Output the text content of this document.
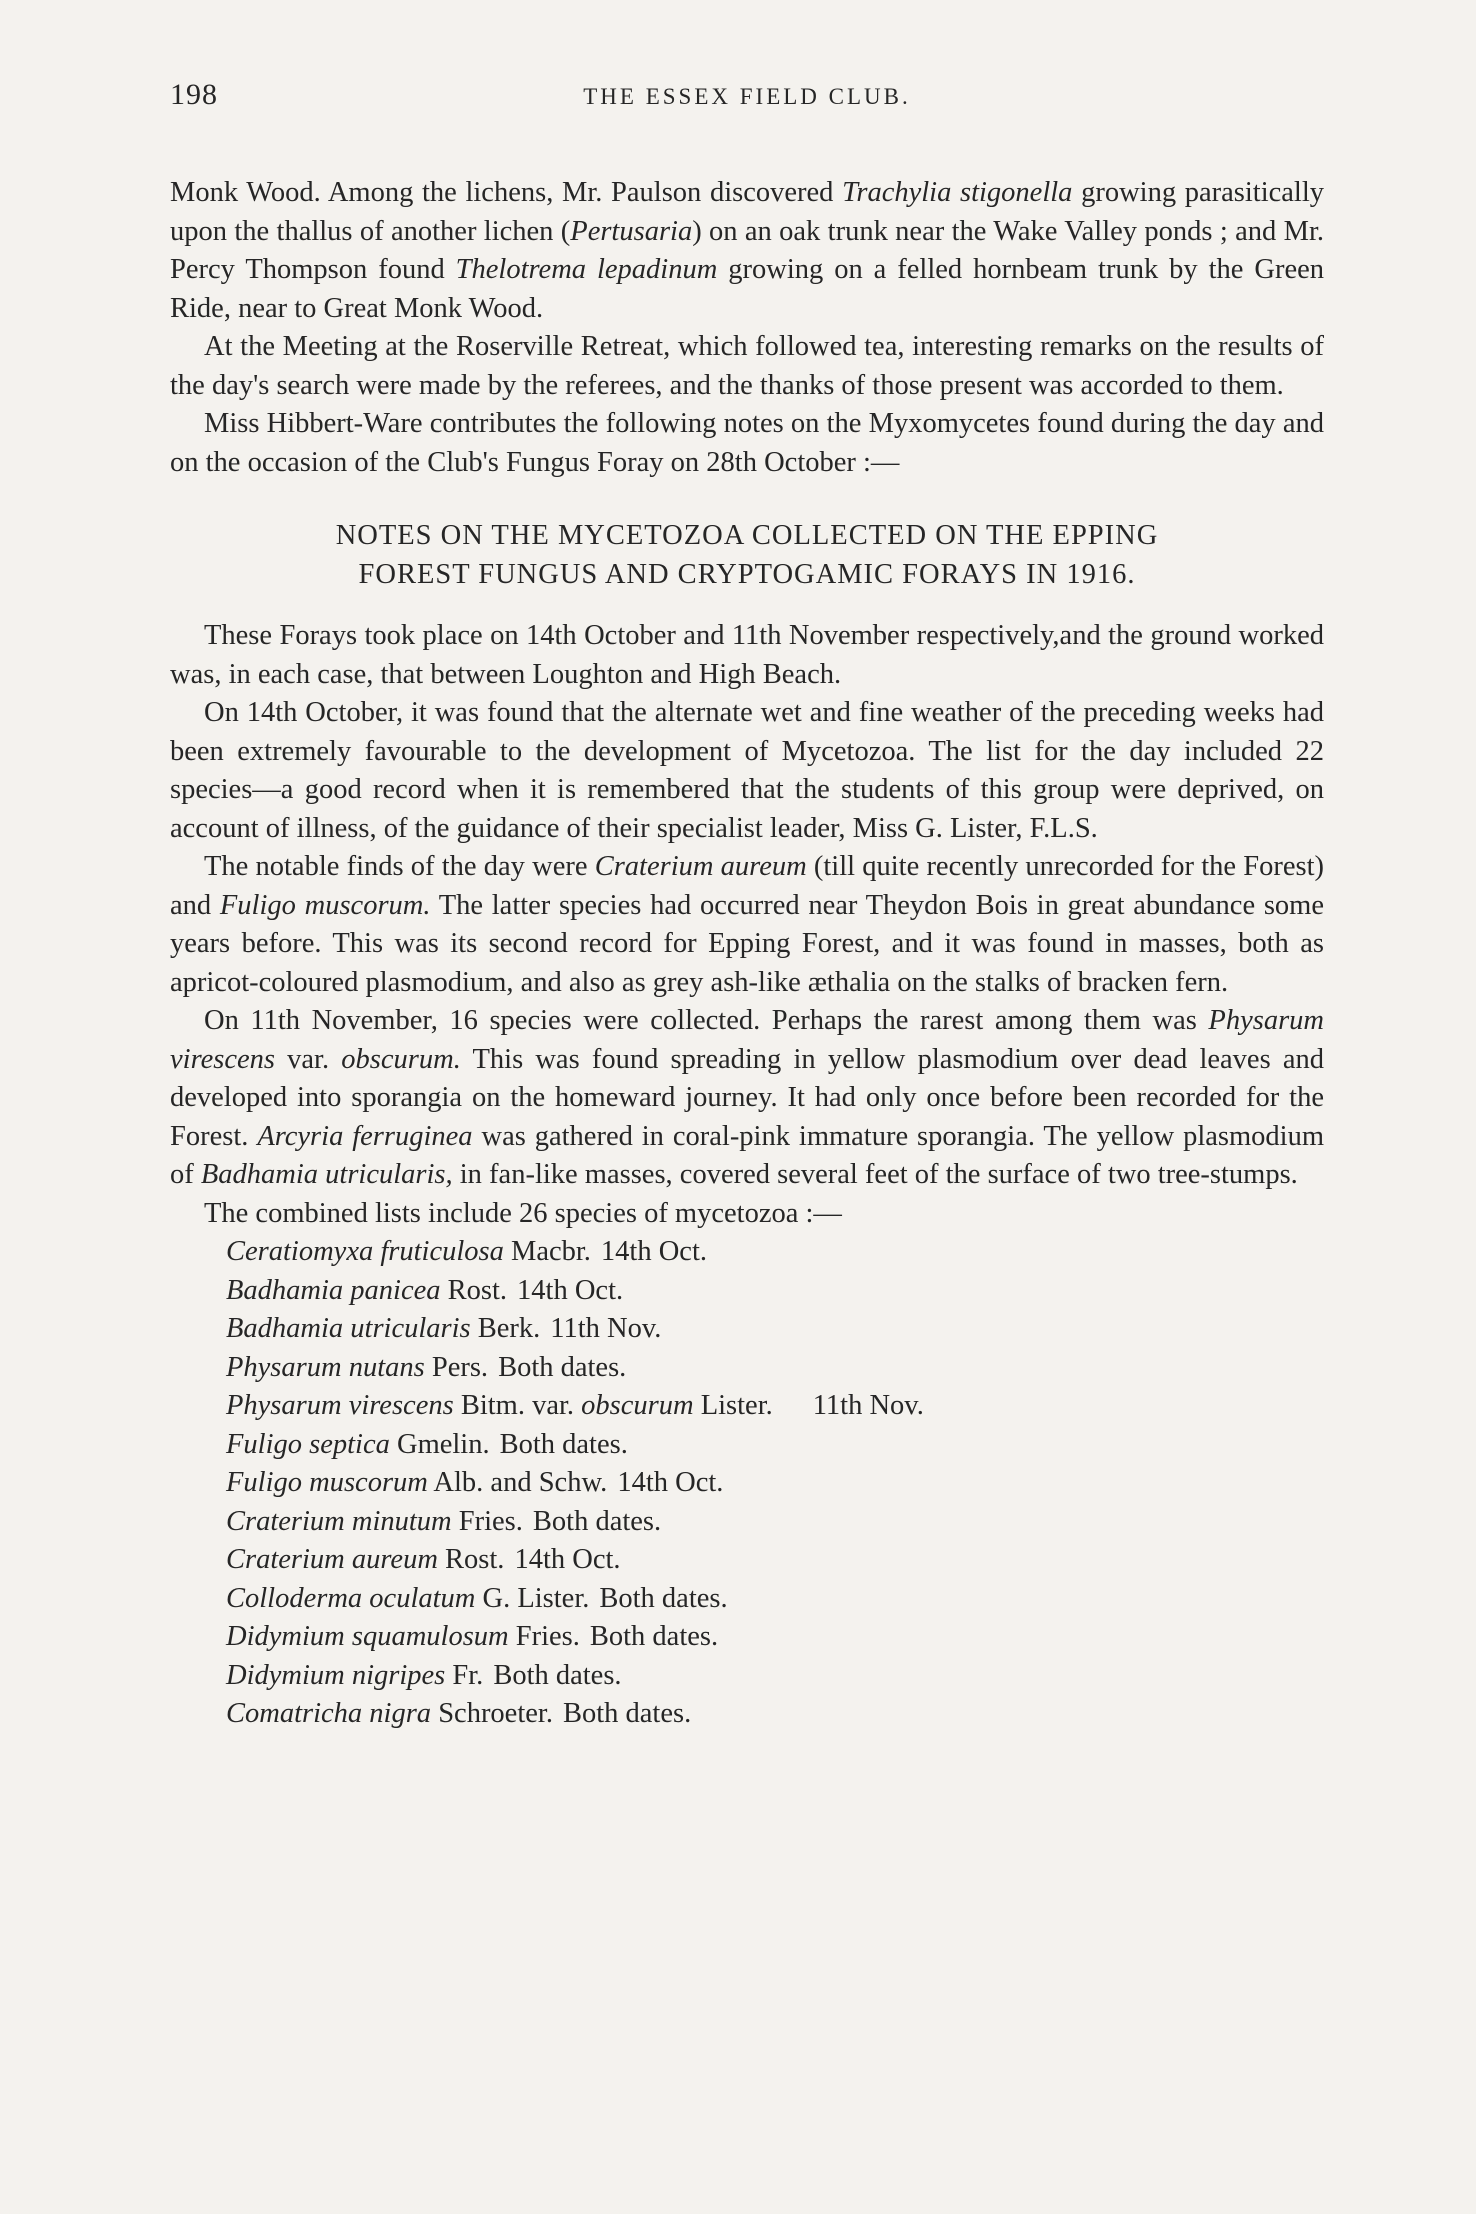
198	THE ESSEX FIELD CLUB.

Monk Wood. Among the lichens, Mr. Paulson discovered Trachylia stigonella growing parasitically upon the thallus of another lichen (Pertusaria) on an oak trunk near the Wake Valley ponds ; and Mr. Percy Thompson found Thelotrema lepadinum growing on a felled hornbeam trunk by the Green Ride, near to Great Monk Wood.

At the Meeting at the Roserville Retreat, which followed tea, interesting remarks on the results of the day's search were made by the referees, and the thanks of those present was accorded to them.

Miss Hibbert-Ware contributes the following notes on the Myxomycetes found during the day and on the occasion of the Club's Fungus Foray on 28th October :—

NOTES ON THE MYCETOZOA COLLECTED ON THE EPPING
FOREST FUNGUS AND CRYPTOGAMIC FORAYS IN 1916.

These Forays took place on 14th October and 11th November respectively,and the ground worked was, in each case, that between Loughton and High Beach.

On 14th October, it was found that the alternate wet and fine weather of the preceding weeks had been extremely favourable to the development of Mycetozoa. The list for the day included 22 species—a good record when it is remembered that the students of this group were deprived, on account of illness, of the guidance of their specialist leader, Miss G. Lister, F.L.S.

The notable finds of the day were Craterium aureum (till quite recently unrecorded for the Forest) and Fuligo muscorum. The latter species had occurred near Theydon Bois in great abundance some years before. This was its second record for Epping Forest, and it was found in masses, both as apricot-coloured plasmodium, and also as grey ash-like æthalia on the stalks of bracken fern.

On 11th November, 16 species were collected. Perhaps the rarest among them was Physarum virescens var. obscurum. This was found spreading in yellow plasmodium over dead leaves and developed into sporangia on the homeward journey. It had only once before been recorded for the Forest. Arcyria ferruginea was gathered in coral-pink immature sporangia. The yellow plasmodium of Badhamia utricularis, in fan-like masses, covered several feet of the surface of two tree-stumps.

The combined lists include 26 species of mycetozoa :—

Ceratiomyxa fruticulosa Macbr. 14th Oct.
Badhamia panicea Rost. 14th Oct.
Badhamia utricularis Berk. 11th Nov.
Physarum nutans Pers. Both dates.
Physarum virescens Bitm. var. obscurum Lister. 11th Nov.
Fuligo septica Gmelin. Both dates.
Fuligo muscorum Alb. and Schw. 14th Oct.
Craterium minutum Fries. Both dates.
Craterium aureum Rost. 14th Oct.
Colloderma oculatum G. Lister. Both dates.
Didymium squamulosum Fries. Both dates.
Didymium nigripes Fr. Both dates.
Comatricha nigra Schroeter. Both dates.
